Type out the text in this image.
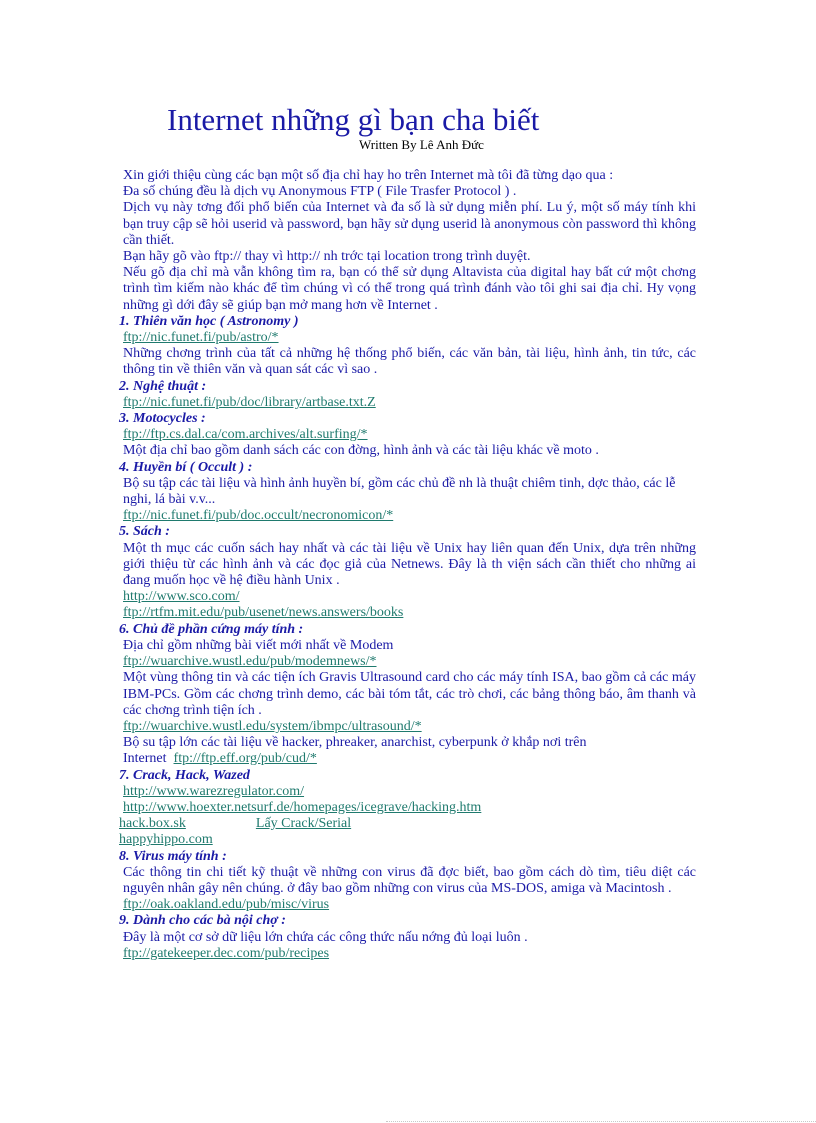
Internet những gì bạn cha biết
Written By Lê Anh Đức

Xin giới thiệu cùng các bạn một số địa chỉ hay ho trên Internet mà tôi đã từng dạo qua :

Đa số chúng đều là dịch vụ Anonymous FTP ( File Trasfer Protocol ) .

Dịch vụ này tơng đối phổ biến của Internet và đa số là sử dụng miễn phí. Lu ý, một số máy tính khi bạn truy cập sẽ hỏi userid và password, bạn hãy sử dụng userid là anonymous còn password thì không cần thiết.

Bạn hãy gõ vào ftp:// thay vì http:// nh trớc tại location trong trình duyệt.

Nếu gõ địa chỉ mà vẫn không tìm ra, bạn có thể sử dụng Altavista của digital hay bất cứ một chơng trình tìm kiếm nào khác để tìm chúng vì có thể trong quá trình đánh vào tôi ghi sai địa chỉ. Hy vọng những gì dới đây sẽ giúp bạn mở mang hơn về Internet .

1. Thiên văn học ( Astronomy )

ftp://nic.funet.fi/pub/astro/*

Những chơng trình của tất cả những hệ thống phổ biến, các văn bản, tài liệu, hình ảnh, tin tức, các thông tin về thiên văn và quan sát các vì sao .

2. Nghệ thuật :

ftp://nic.funet.fi/pub/doc/library/artbase.txt.Z

3. Motocycles :

ftp://ftp.cs.dal.ca/com.archives/alt.surfing/*

Một địa chỉ bao gồm danh sách các con đờng, hình ảnh và các tài liệu khác về moto .

4. Huyền bí ( Occult ) :

Bộ su tập các tài liệu và hình ảnh huyền bí, gồm các chủ đề nh là thuật chiêm tinh, dợc thảo, các lễ nghi, lá bài v.v...

ftp://nic.funet.fi/pub/doc.occult/necronomicon/*

5. Sách :

Một th mục các cuốn sách hay nhất và các tài liệu về Unix hay liên quan đến Unix, dựa trên những giới thiệu từ các hình ảnh và các đọc giả của Netnews. Đây là th viện sách cần thiết cho những ai đang muốn học về hệ điều hành Unix .

http://www.sco.com/
ftp://rtfm.mit.edu/pub/usenet/news.answers/books

6. Chủ đề phần cứng máy tính :

Địa chỉ gồm những bài viết mới nhất về Modem

ftp://wuarchive.wustl.edu/pub/modemnews/*

Một vùng thông tin và các tiện ích Gravis Ultrasound card cho các máy tính ISA, bao gồm cả các máy IBM-PCs. Gồm các chơng trình demo, các bài tóm tắt, các trò chơi, các bảng thông báo, âm thanh và các chơng trình tiện ích .

ftp://wuarchive.wustl.edu/system/ibmpc/ultrasound/*

Bộ su tập lớn các tài liệu về hacker, phreaker, anarchist, cyberpunk ở khắp nơi trên Internet ftp://ftp.eff.org/pub/cud/*

7. Crack, Hack, Wazed

http://www.warezregulator.com/
http://www.hoexter.netsurf.de/homepages/icegrave/hacking.htm

hack.box.sk	Lấy Crack/Serial

happyhippo.com

8. Virus máy tính :

Các thông tin chi tiết kỹ thuật về những con virus đã đợc biết, bao gồm cách dò tìm, tiêu diệt các nguyên nhân gây nên chúng. ở đây bao gồm những con virus của MS-DOS, amiga và Macintosh .

ftp://oak.oakland.edu/pub/misc/virus

9. Dành cho các bà nội chợ :

Đây là một cơ sở dữ liệu lớn chứa các công thức nấu nớng đủ loại luôn .

ftp://gatekeeper.dec.com/pub/recipes
